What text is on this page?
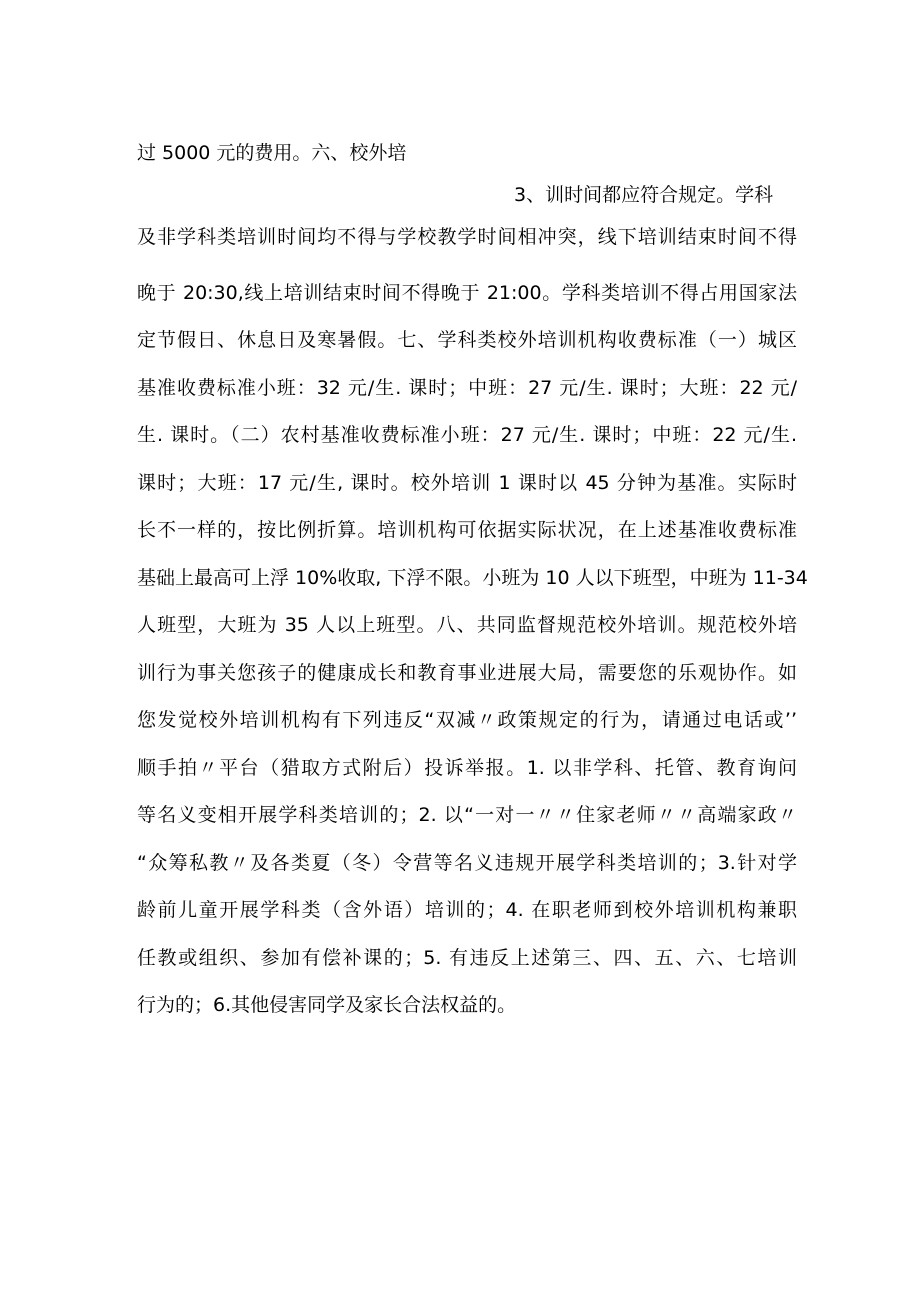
过 5000 元的费用。六、校外培
3、训时间都应符合规定。学科
及非学科类培训时间均不得与学校教学时间相冲突，线下培训结束时间不得
晚于 20:30,线上培训结束时间不得晚于 21:00。学科类培训不得占用国家法
定节假日、休息日及寒暑假。七、学科类校外培训机构收费标准（一）城区
基准收费标准小班：32 元/生. 课时；中班：27 元/生. 课时；大班：22 元/
生. 课时。（二）农村基准收费标准小班：27 元/生. 课时；中班：22 元/生.
课时；大班：17 元/生, 课时。校外培训 1 课时以 45 分钟为基准。实际时
长不一样的，按比例折算。培训机构可依据实际状况，在上述基准收费标准
基础上最高可上浮 10%收取, 下浮不限。小班为 10 人以下班型，中班为 11-34
人班型，大班为 35 人以上班型。八、共同监督规范校外培训。规范校外培
训行为事关您孩子的健康成长和教育事业进展大局，需要您的乐观协作。如
您发觉校外培训机构有下列违反“双减〃政策规定的行为，请通过电话或’’
顺手拍〃平台（猎取方式附后）投诉举报。1. 以非学科、托管、教育询问
等名义变相开展学科类培训的；2. 以“一对一〃〃住家老师〃〃高端家政〃
“众筹私教〃及各类夏（冬）令营等名义违规开展学科类培训的；3.针对学
龄前儿童开展学科类（含外语）培训的；4. 在职老师到校外培训机构兼职
任教或组织、参加有偿补课的；5. 有违反上述第三、四、五、六、七培训
行为的；6.其他侵害同学及家长合法权益的。
